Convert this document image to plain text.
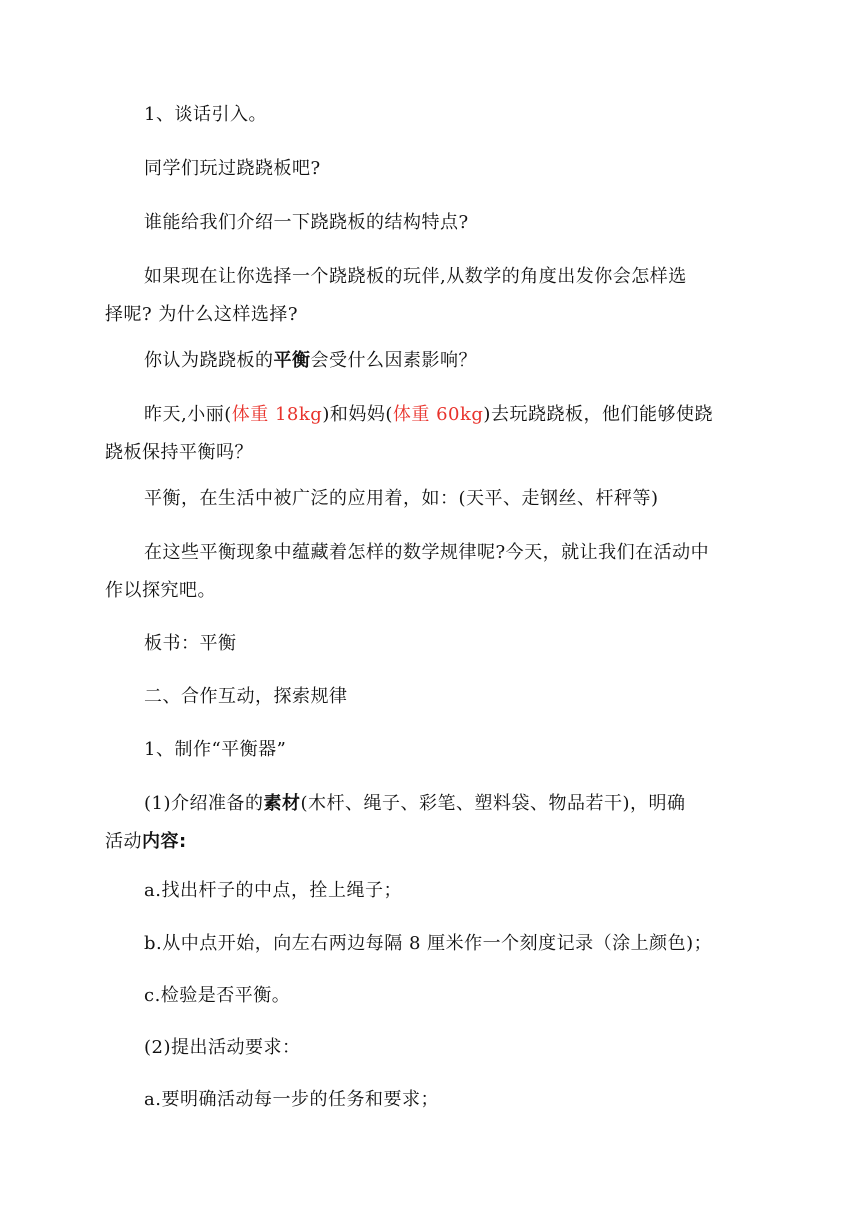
1、谈话引入。
同学们玩过跷跷板吧?
谁能给我们介绍一下跷跷板的结构特点?
如果现在让你选择一个跷跷板的玩伴,从数学的角度出发你会怎样选
择呢? 为什么这样选择?
你认为跷跷板的平衡会受什么因素影响？
昨天,小丽(体重 18kg)和妈妈(体重 60kg)去玩跷跷板，他们能够使跷
跷板保持平衡吗？
平衡，在生活中被广泛的应用着，如：(天平、走钢丝、杆秤等)
在这些平衡现象中蕴藏着怎样的数学规律呢?今天，就让我们在活动中
作以探究吧。
板书：平衡
二、合作互动，探索规律
1、制作“平衡器”
(1)介绍准备的素材(木杆、绳子、彩笔、塑料袋、物品若干)，明确
活动内容:
a.找出杆子的中点，拴上绳子；
b.从中点开始，向左右两边每隔 8 厘米作一个刻度记录（涂上颜色)；
c.检验是否平衡。
(2)提出活动要求：
a.要明确活动每一步的任务和要求；
